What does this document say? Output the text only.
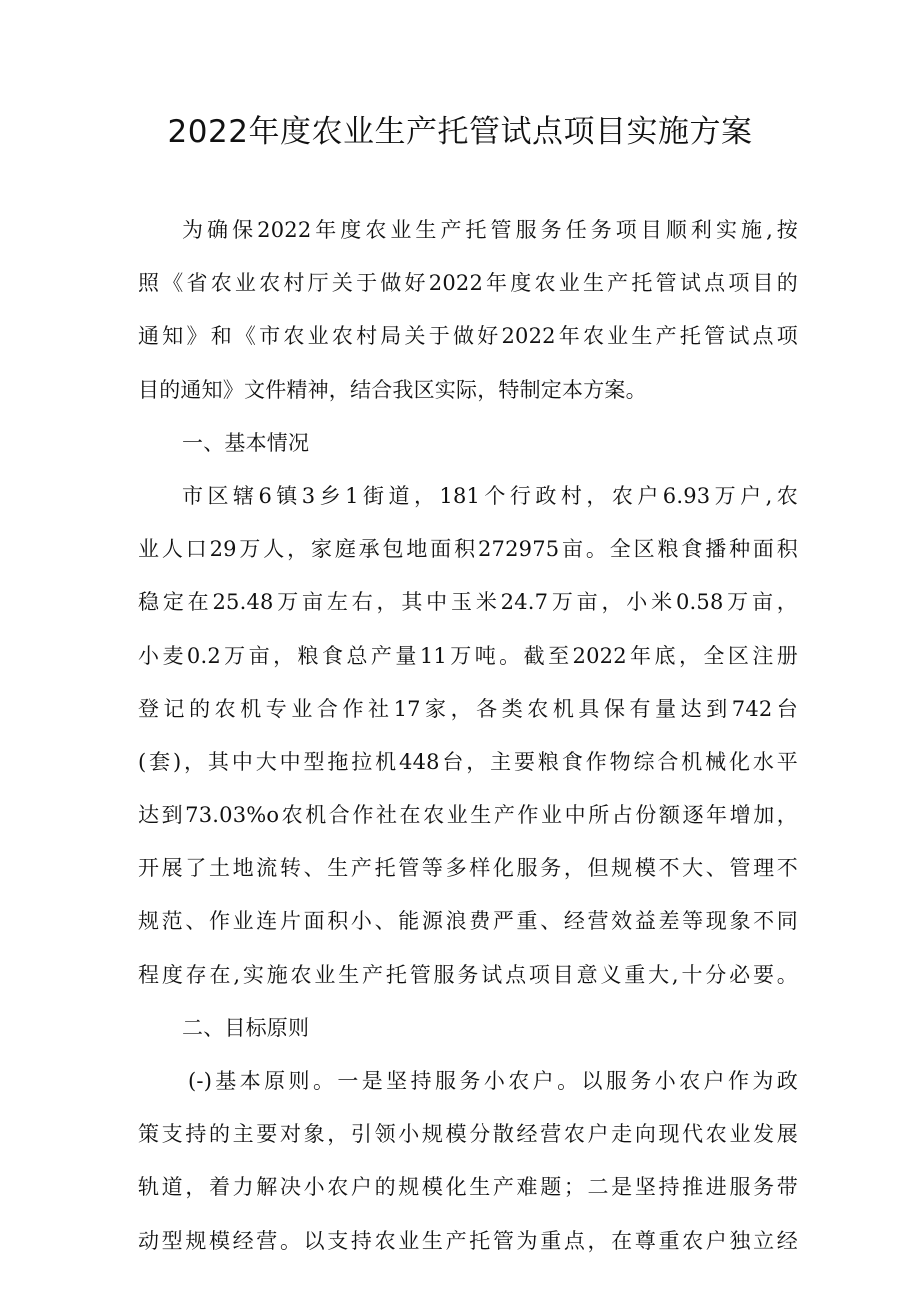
2022年度农业生产托管试点项目实施方案
为确保2022年度农业生产托管服务任务项目顺利实施,按
照《省农业农村厅关于做好2022年度农业生产托管试点项目的
通知》和《市农业农村局关于做好2022年农业生产托管试点项
目的通知》文件精神，结合我区实际，特制定本方案。
一、基本情况
市区辖6镇3乡1街道，181个行政村，农户6.93万户,农
业人口29万人，家庭承包地面积272975亩。全区粮食播种面积
稳定在25.48万亩左右，其中玉米24.7万亩，小米0.58万亩，
小麦0.2万亩，粮食总产量11万吨。截至2022年底，全区注册
登记的农机专业合作社17家，各类农机具保有量达到742台
(套)，其中大中型拖拉机448台，主要粮食作物综合机械化水平
达到73.03%o农机合作社在农业生产作业中所占份额逐年增加，
开展了土地流转、生产托管等多样化服务，但规模不大、管理不
规范、作业连片面积小、能源浪费严重、经营效益差等现象不同
程度存在,实施农业生产托管服务试点项目意义重大,十分必要。
二、目标原则
(-)基本原则。一是坚持服务小农户。以服务小农户作为政
策支持的主要对象，引领小规模分散经营农户走向现代农业发展
轨道，着力解决小农户的规模化生产难题；二是坚持推进服务带
动型规模经营。以支持农业生产托管为重点，在尊重农户独立经
